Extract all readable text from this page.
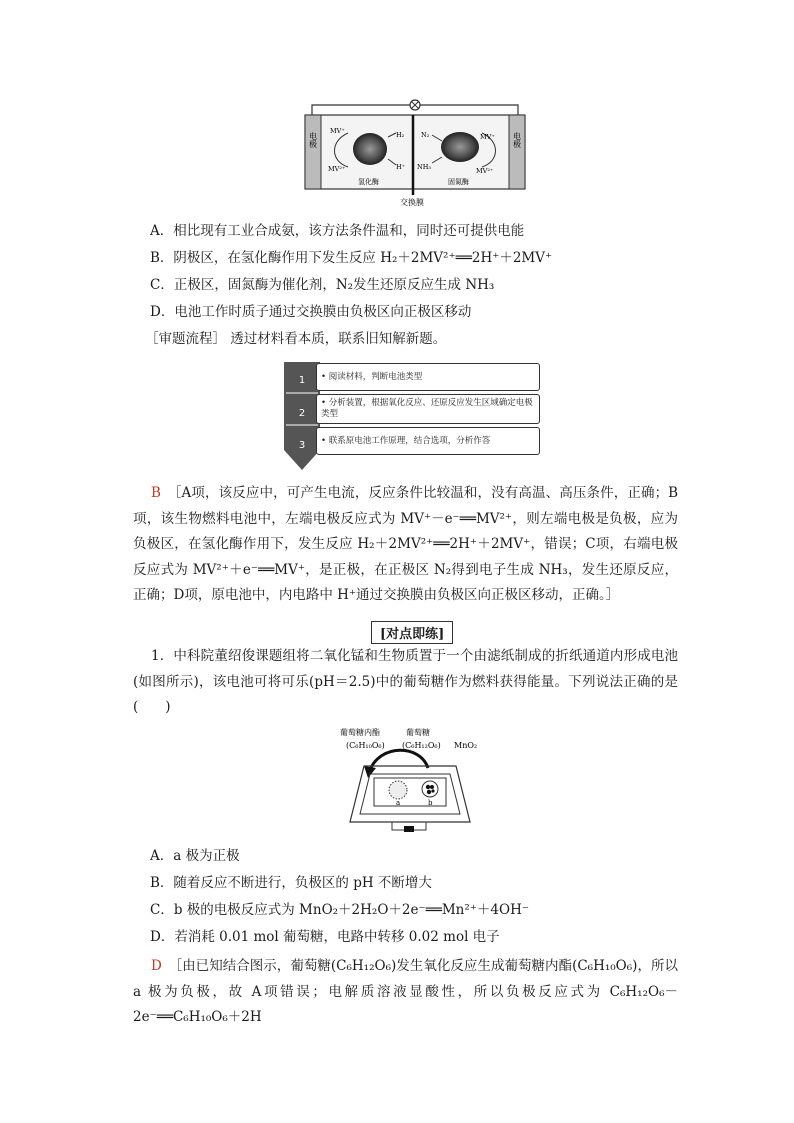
电极	电极
MV⁺
MV²⁺
H₂
H⁺
N₂
NH₃
MV⁺
MV²⁺
氢化酶	固氮酶
交换膜
A．相比现有工业合成氨，该方法条件温和，同时还可提供电能
B．阴极区，在氢化酶作用下发生反应 H₂＋2MV²⁺══2H⁺＋2MV⁺
C．正极区，固氮酶为催化剂，N₂发生还原反应生成 NH₃
D．电池工作时质子通过交换膜由负极区向正极区移动
［审题流程］ 透过材料看本质，联系旧知解新题。
1
2
3
• 阅读材料，判断电池类型
• 分析装置，根据氧化反应、还原反应发生区域确定电极类型
• 联系原电池工作原理，结合选项，分析作答
B　 ［A项，该反应中，可产生电流，反应条件比较温和，没有高温、高压条件，正确；B项，该生物燃料电池中，左端电极反应式为 MV⁺－e⁻══MV²⁺，则左端电极是负极，应为负极区，在氢化酶作用下，发生反应 H₂＋2MV²⁺══2H⁺＋2MV⁺，错误；C项，右端电极反应式为 MV²⁺＋e⁻══MV⁺，是正极，在正极区 N₂得到电子生成 NH₃，发生还原反应，正确；D项，原电池中，内电路中 H⁺通过交换膜由负极区向正极区移动，正确。］
[对点即练]
1．中科院董绍俊课题组将二氧化锰和生物质置于一个由滤纸制成的折纸通道内形成电池(如图所示)，该电池可将可乐(pH＝2.5)中的葡萄糖作为燃料获得能量。下列说法正确的是(　　)
葡萄糖内酯
(C₆H₁₀O₆)
葡萄糖
(C₆H₁₂O₆) MnO₂
a	b
A．a 极为正极
B．随着反应不断进行，负极区的 pH 不断增大
C．b 极的电极反应式为 MnO₂＋2H₂O＋2e⁻══Mn²⁺＋4OH⁻
D．若消耗 0.01 mol 葡萄糖，电路中转移 0.02 mol 电子
D　 ［由已知结合图示，葡萄糖(C₆H₁₂O₆)发生氧化反应生成葡萄糖内酯(C₆H₁₀O₆)，所以 a 极为负极，故 A项错误；电解质溶液显酸性，所以负极反应式为 C₆H₁₂O₆－2e⁻══C₆H₁₀O₆＋2H
